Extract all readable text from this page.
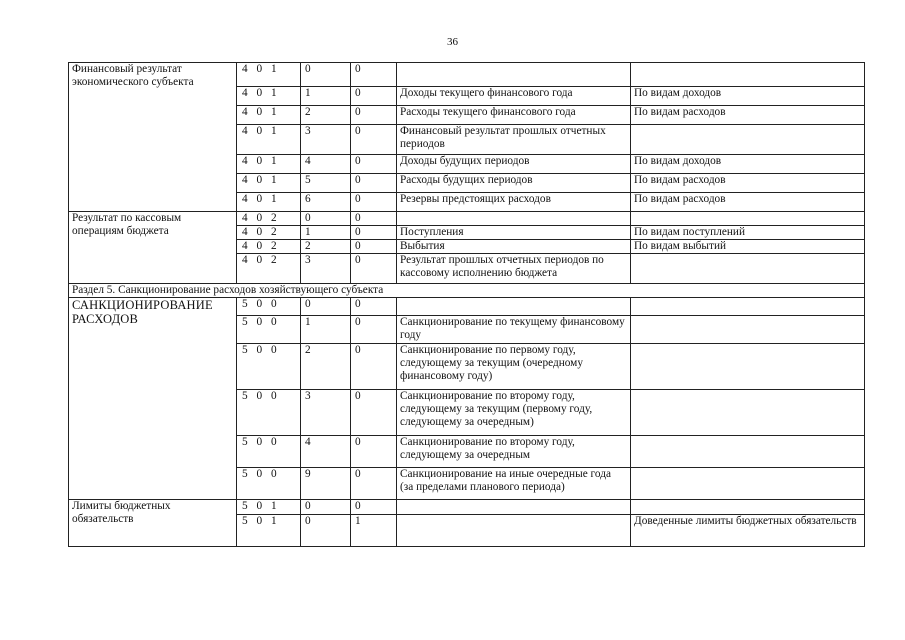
36
Финансовый результат экономического субъекта	4 0 1	0	0		
	4 0 1	1	0	Доходы текущего финансового года	По видам доходов
	4 0 1	2	0	Расходы текущего финансового года	По видам расходов
	4 0 1	3	0	Финансовый результат прошлых отчетных периодов	
	4 0 1	4	0	Доходы будущих периодов	По видам доходов
	4 0 1	5	0	Расходы будущих периодов	По видам расходов
	4 0 1	6	0	Резервы предстоящих расходов	По видам расходов
Результат по кассовым операциям бюджета	4 0 2	0	0		
	4 0 2	1	0	Поступления	По видам поступлений
	4 0 2	2	0	Выбытия	По видам выбытий
	4 0 2	3	0	Результат прошлых отчетных периодов по кассовому исполнению бюджета	
Раздел 5. Санкционирование расходов хозяйствующего субъекта					
САНКЦИОНИРОВАНИЕ РАСХОДОВ	5 0 0	0	0		
	5 0 0	1	0	Санкционирование по текущему финансовому году	
	5 0 0	2	0	Санкционирование по первому году, следующему за текущим (очередному финансовому году)	
	5 0 0	3	0	Санкционирование по второму году, следующему за текущим (первому году, следующему за очередным)	
	5 0 0	4	0	Санкционирование по второму году, следующему за очередным	
	5 0 0	9	0	Санкционирование на иные очередные года (за пределами планового периода)	
Лимиты бюджетных обязательств	5 0 1	0	0		
	5 0 1	0	1		Доведенные лимиты бюджетных обязательств
